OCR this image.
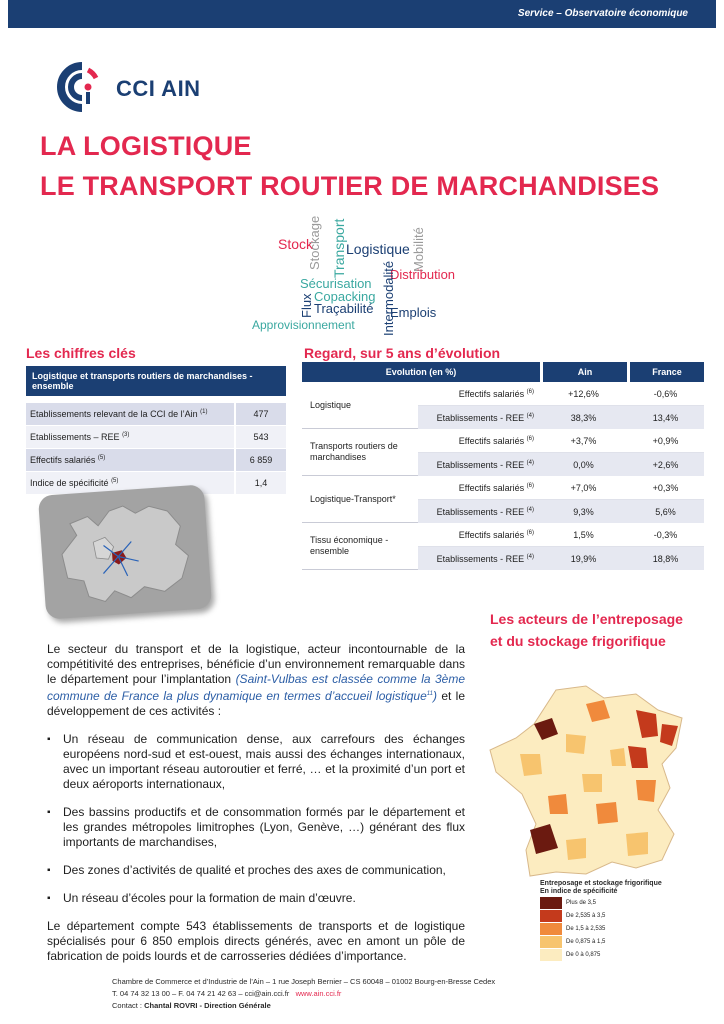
Service – Observatoire économique
CCI AIN
LA LOGISTIQUE
LE TRANSPORT ROUTIER DE MARCHANDISES
Stock
Stockage Transport Logistique Mobilité
Distribution
Intermodalité
Sécurisation
Flux Copacking
Traçabilité Emplois
Approvisionnement
Les chiffres clés
Logistique et transports routiers de marchandises - ensemble	

Etablissements relevant de la CCI de l’Ain $^{(1)}$	477
Etablissements – REE $^{(3)}$	543
Effectifs salariés $^{(5)}$	6 859
Indice de spécificité $^{(5)}$	1,4
Regard, sur 5 ans d’évolution
Evolution (en %)		Ain	France
Logistique	Effectifs salariés $^{(6)}$	+12,6%	-0,6%
	Etablissements - REE $^{(4)}$	38,3%	13,4%
Transports routiers de marchandises	Effectifs salariés $^{(6)}$	+3,7%	+0,9%
	Etablissements - REE $^{(4)}$	0,0%	+2,6%
Logistique-Transport*	Effectifs salariés $^{(6)}$	+7,0%	+0,3%
	Etablissements - REE $^{(4)}$	9,3%	5,6%
Tissu économique - ensemble	Effectifs salariés $^{(6)}$	1,5%	-0,3%
	Etablissements - REE $^{(4)}$	19,9%	18,8%
Les acteurs de l’entreposage
et du stockage frigorifique

Le secteur du transport et de la logistique, acteur incontournable de la compétitivité des entreprises, bénéficie d’un environnement remarquable dans le département pour l’implantation (Saint-Vulbas est classée comme la 3ème commune de France la plus dynamique en termes d’accueil logistique$^{11}$) et le développement de ces activités :

▪ Un réseau de communication dense, aux carrefours des échanges européens nord-sud et est-ouest, mais aussi des échanges internationaux, avec un important réseau autoroutier et ferré, … et la proximité d’un port et deux aéroports internationaux,
▪ Des bassins productifs et de consommation formés par le département et les grandes métropoles limitrophes (Lyon, Genève, …) générant des flux importants de marchandises,
▪ Des zones d’activités de qualité et proches des axes de communication,
▪ Un réseau d’écoles pour la formation de main d’œuvre.

Le département compte 543 établissements de transports et de logistique spécialisés pour 6 850 emplois directs générés, avec en amont un pôle de fabrication de poids lourds et de carrosseries dédiées d’importance.

Entreposage et stockage frigorifique
En indice de spécificité
Plus de 3,5
De 2,535 à 3,5
De 1,5 à 2,535
De 0,875 à 1,5
De 0 à 0,875
Chambre de Commerce et d’Industrie de l’Ain – 1 rue Joseph Bernier – CS 60048 – 01002 Bourg-en-Bresse Cedex
T. 04 74 32 13 00 – F. 04 74 21 42 63 – cci@ain.cci.fr www.ain.cci.fr
Contact : Chantal ROVRI - Direction Générale
